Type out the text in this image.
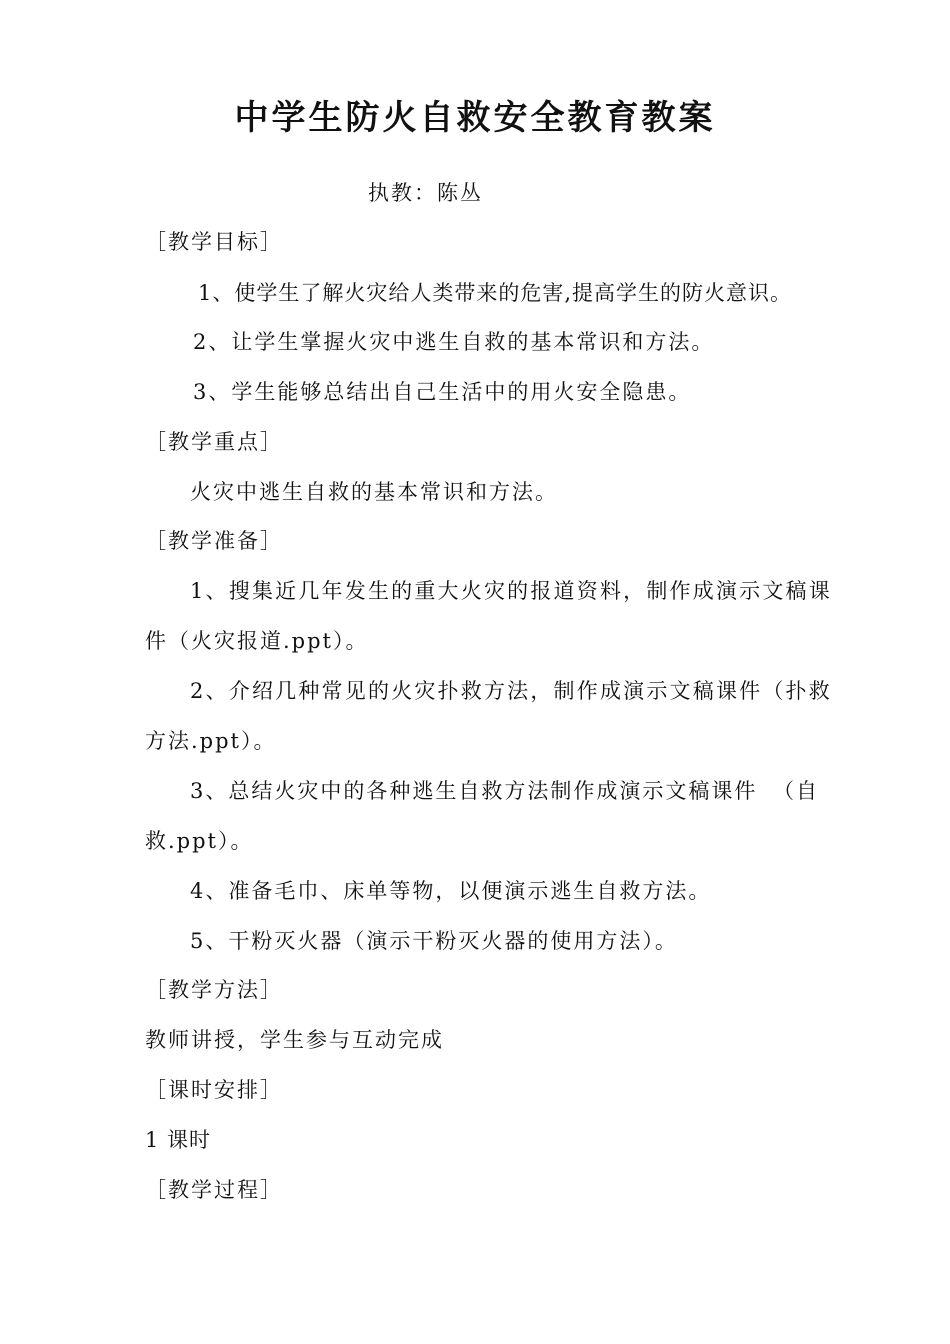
中学生防火自救安全教育教案
执教：陈丛
［教学目标］
1、使学生了解火灾给人类带来的危害,提高学生的防火意识。
2、让学生掌握火灾中逃生自救的基本常识和方法。
3、学生能够总结出自己生活中的用火安全隐患。
［教学重点］
火灾中逃生自救的基本常识和方法。
［教学准备］
1、搜集近几年发生的重大火灾的报道资料，制作成演示文稿课
件（火灾报道.ppt）。
2、介绍几种常见的火灾扑救方法，制作成演示文稿课件（扑救
方法.ppt）。
3、总结火灾中的各种逃生自救方法制作成演示文稿课件 （自
救.ppt）。
4、准备毛巾、床单等物，以便演示逃生自救方法。
5、干粉灭火器（演示干粉灭火器的使用方法）。
［教学方法］
教师讲授，学生参与互动完成
［课时安排］
1 课时
［教学过程］
